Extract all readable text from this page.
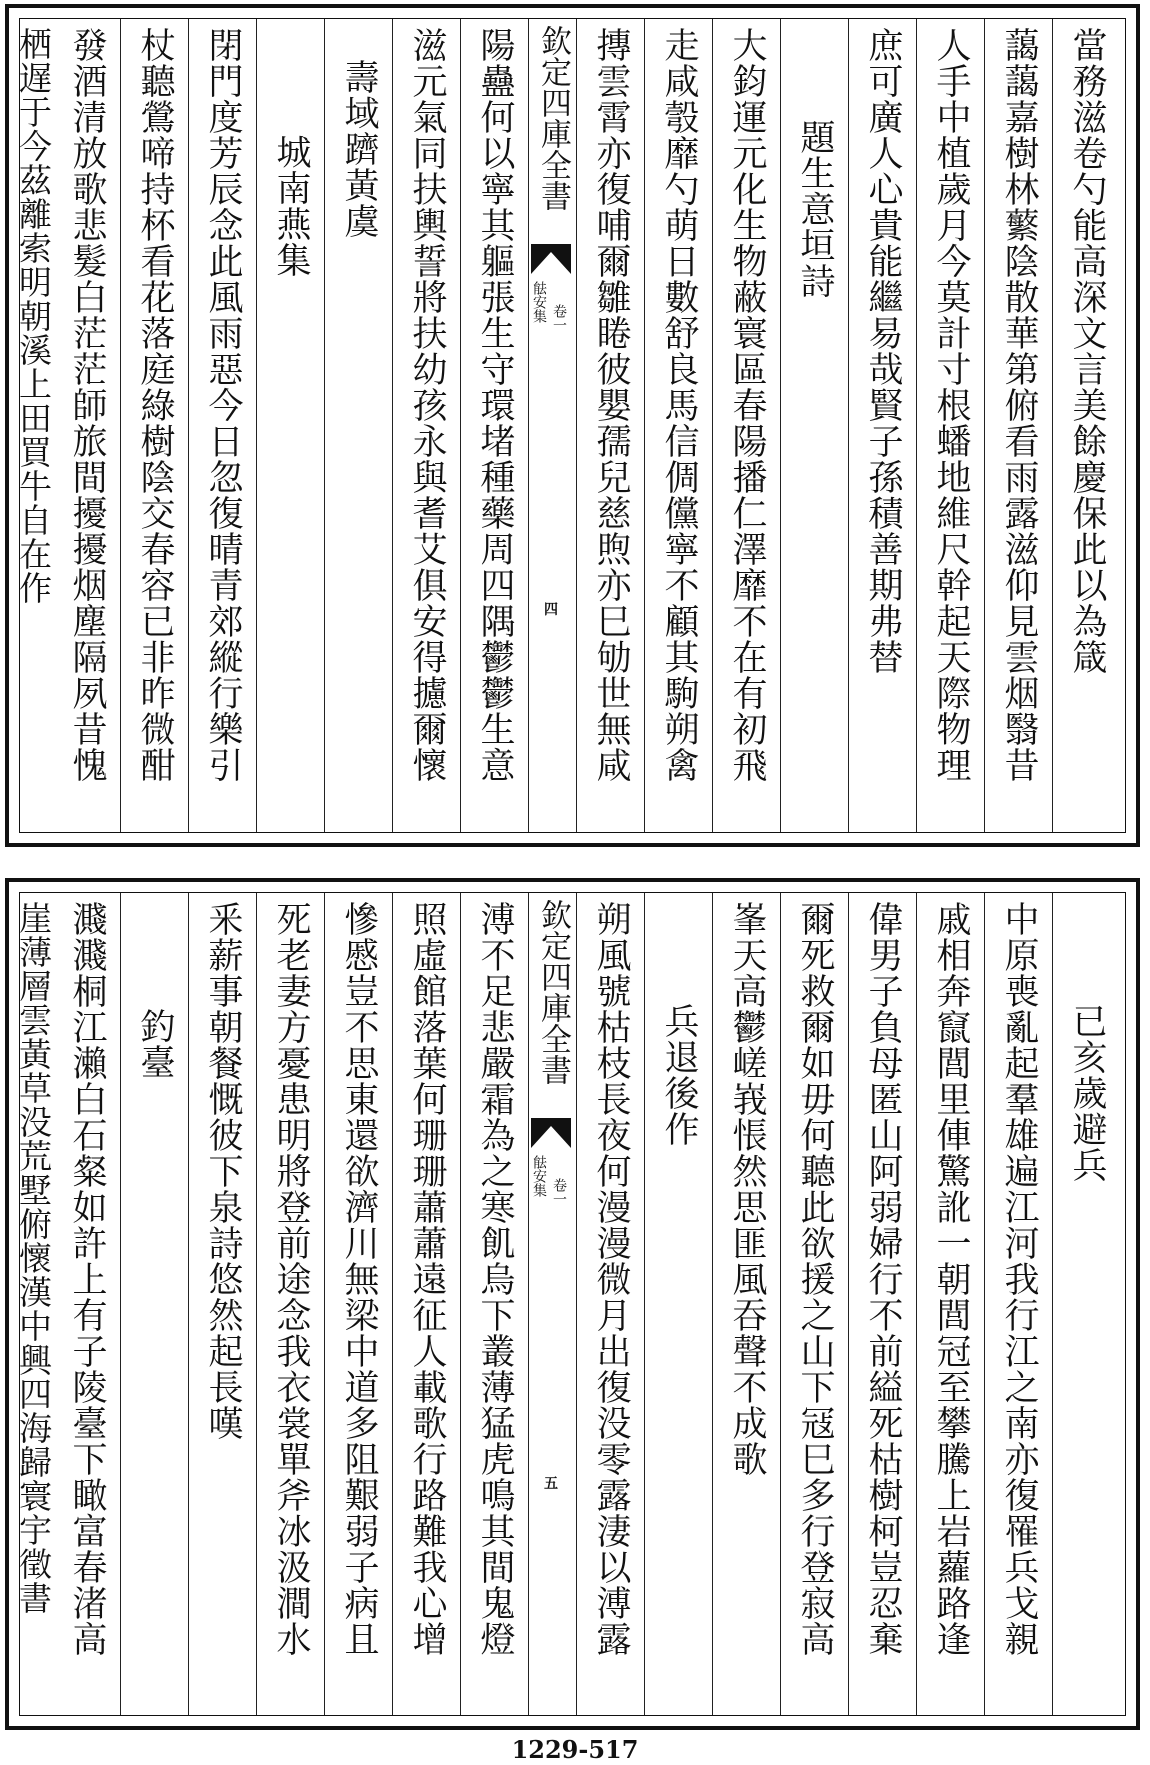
當務滋卷勺能高深文言美餘慶保此以為箴
藹藹嘉樹林蘩陰散華第俯看雨露滋仰見雲烟翳昔
人手中植歲月今莫計寸根蟠地維尺幹起天際物理
庶可廣人心貴能繼易哉賢子孫積善期弗替
題生意垣詩
大鈞運元化生物蔽寰區春陽播仁澤靡不在有初飛
走咸彀靡勺萌日數舒良馬信倜儻寧不顧其駒朔禽
摶雲霄亦復哺爾雛睠彼嬰孺兒慈煦亦巳劬世無咸
欽定四庫全書
䏻安集 卷一
四
陽蠱何以寧其軀張生守環堵種藥周四隅鬱鬱生意
滋元氣同扶輿誓將扶幼孩永與耆艾俱安得攄爾懷
壽域躋黃虞
城南燕集
閉門度芳辰念此風雨惡今日忽復晴青郊縱行樂引
杖聽鶯啼持杯看花落庭綠樹陰交春容已非昨微酣
發酒清放歌悲髮白茫茫師旅間擾擾烟塵隔夙昔愧
栖遅于今茲離索明朝溪上田買牛自在作
已亥歲避兵
中原喪亂起羣雄遍江河我行江之南亦復罹兵戈親
戚相奔竄閭里俥驚訛一朝閭冠至攀騰上岩蘿路逢
偉男子負母匿山阿弱婦行不前縊死枯樹柯豈忍棄
爾死救爾如毋何聽此欲援之山下冦巳多行登寂高
峯天高鬱嵯峩悵然思匪風吞聲不成歌
兵退後作
朔風號枯枝長夜何漫漫微月出復没零露淒以溥露
欽定四庫全書
䏻安集 卷一
五
溥不足悲嚴霜為之寒飢烏下叢薄猛虎鳴其間鬼燈
照虛館落葉何珊珊蕭蕭遠征人載歌行路難我心增
慘慼豈不思東還欲濟川無梁中道多阻艱弱子病且
死老妻方憂患明將登前途念我衣裳單斧冰汲澗水
釆薪事朝餐慨彼下泉詩悠然起長嘆
釣臺
濺濺桐江瀨白石粲如許上有子陵臺下瞰富春渚高
崖薄層雲黃草没荒墅俯懷漢中興四海歸寰宇徵書
1229-517
